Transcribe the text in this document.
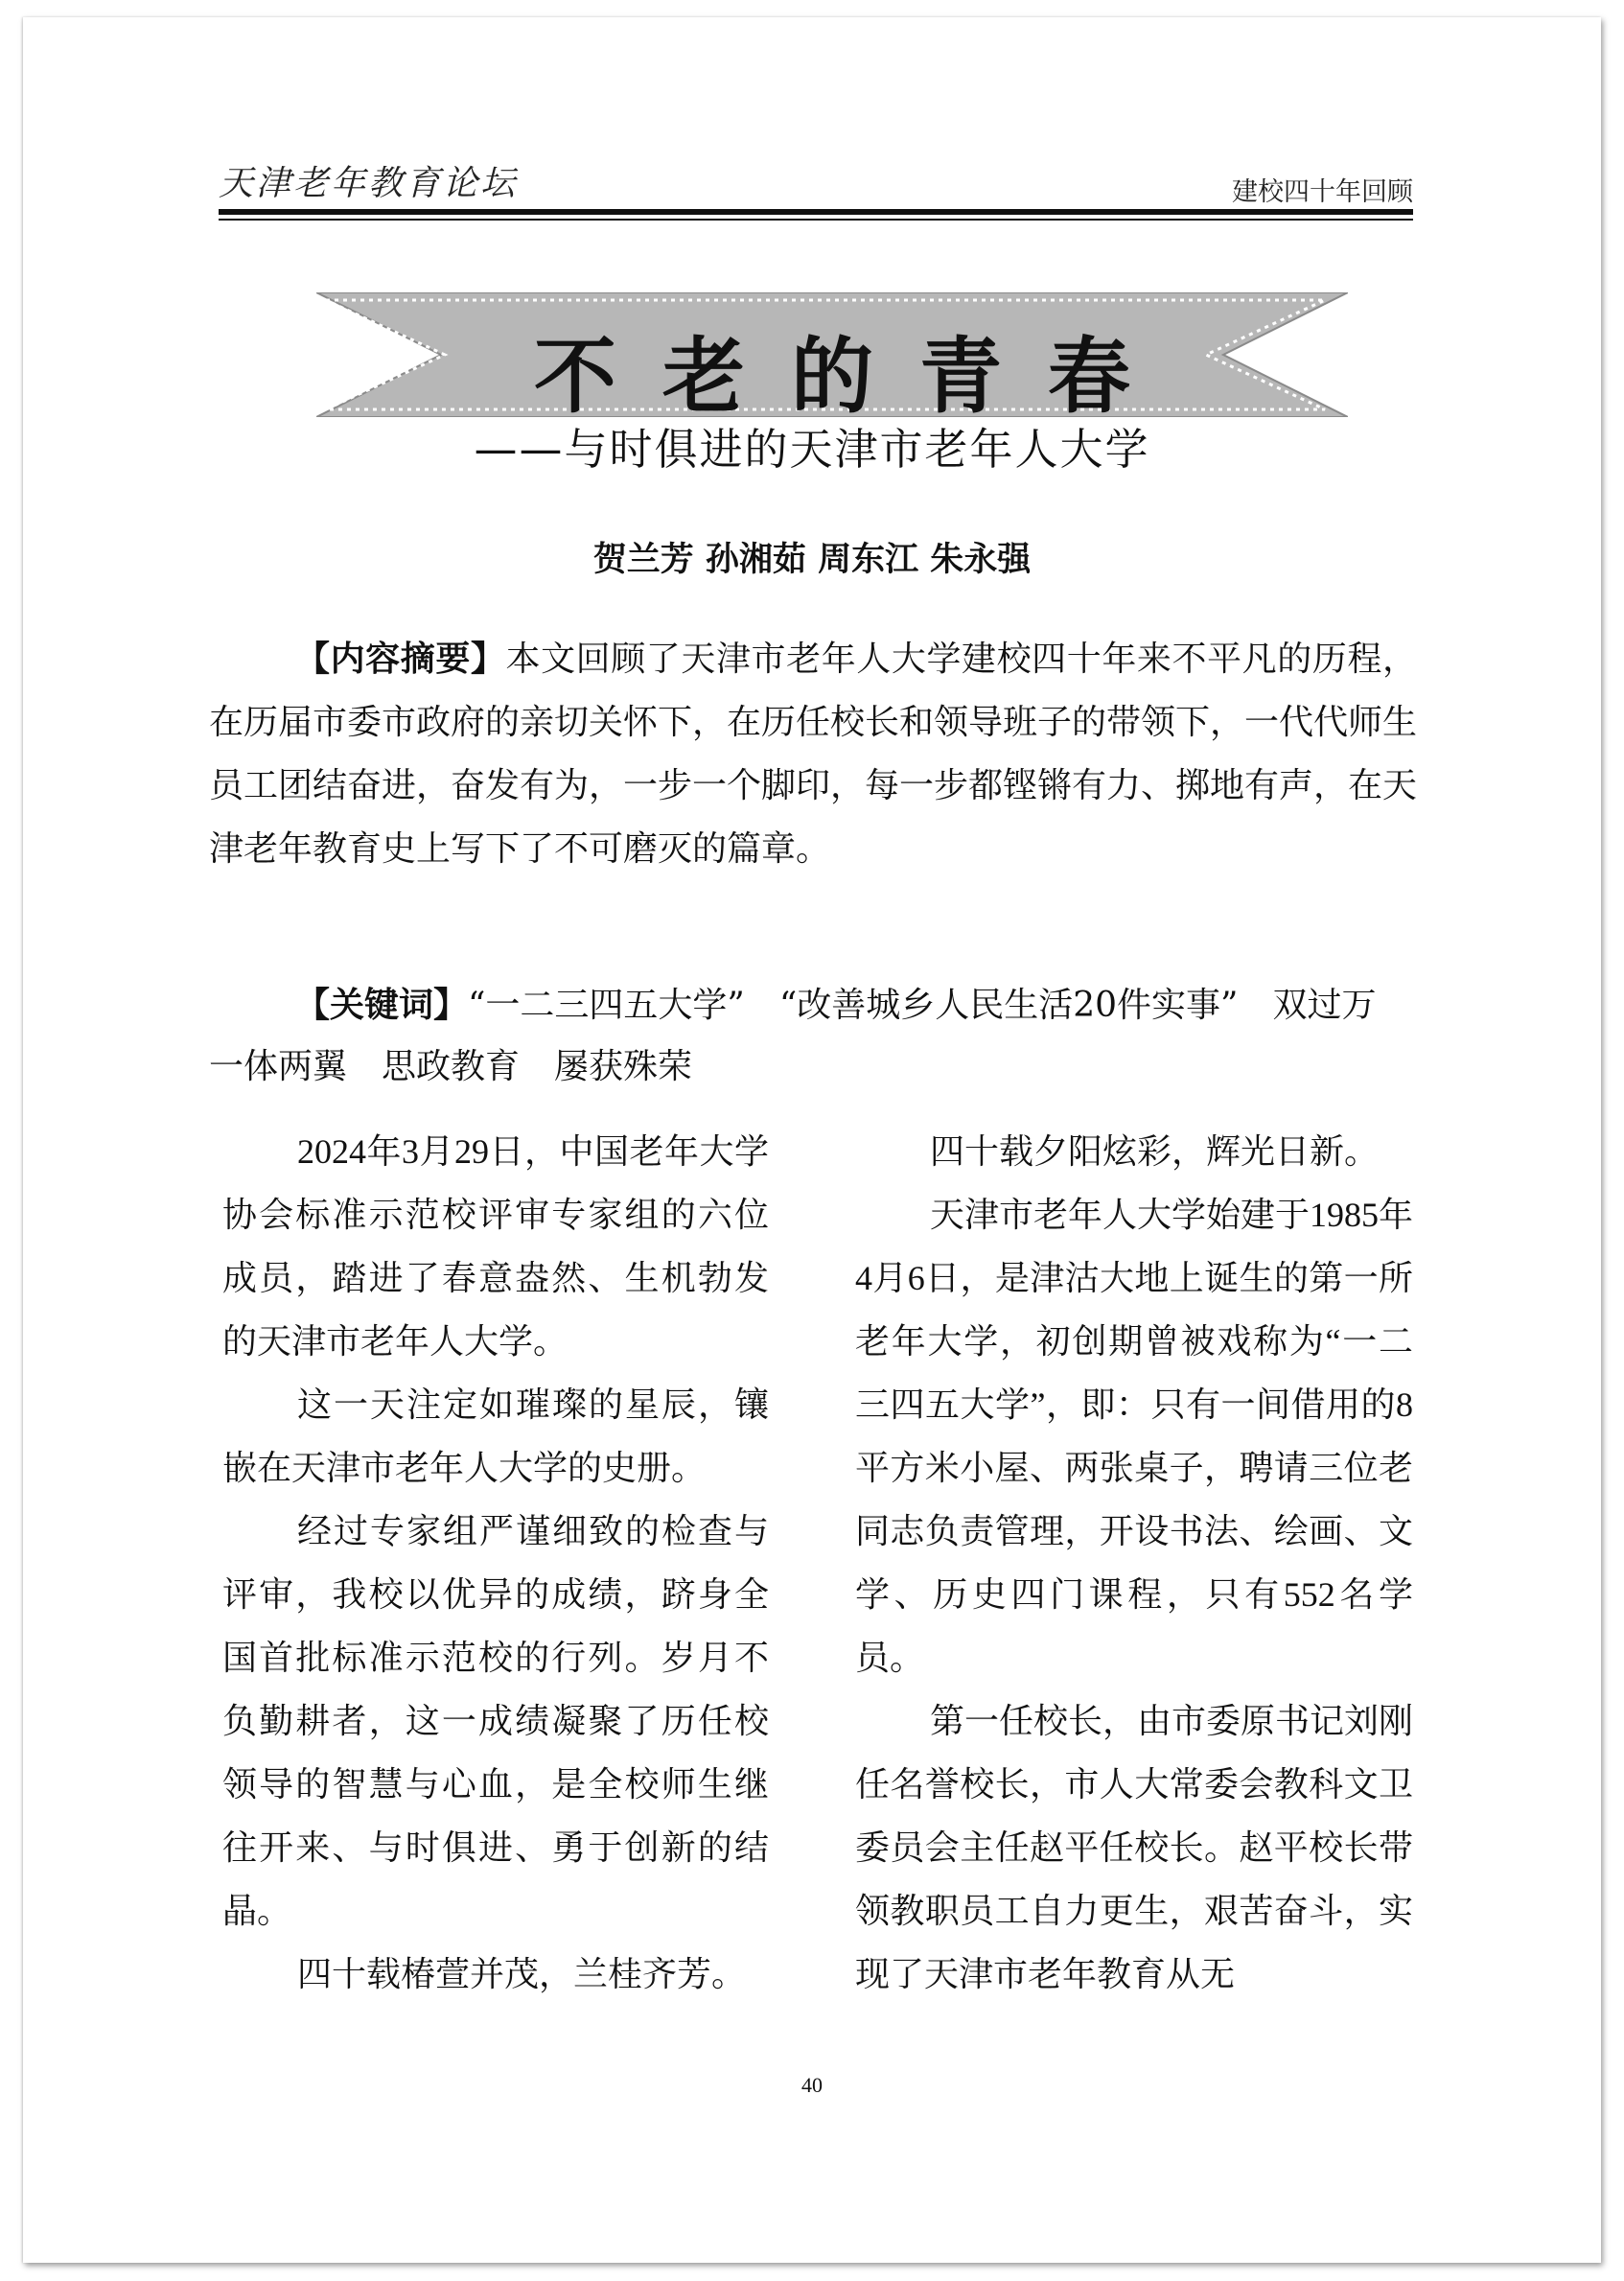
天津老年教育论坛	建校四十年回顾
不老的青春
——与时俱进的天津市老年人大学
贺兰芳 孙湘茹 周东江 朱永强

【内容摘要】本文回顾了天津市老年人大学建校四十年来不平凡的历程，在历届市委市政府的亲切关怀下，在历任校长和领导班子的带领下，一代代师生员工团结奋进，奋发有为，一步一个脚印，每一步都铿锵有力、掷地有声，在天津老年教育史上写下了不可磨灭的篇章。

【关键词】“一二三四五大学”　“改善城乡人民生活20件实事”　双过万　一体两翼　思政教育　屡获殊荣

2024年3月29日，中国老年大学协会标准示范校评审专家组的六位成员，踏进了春意盎然、生机勃发的天津市老年人大学。

这一天注定如璀璨的星辰，镶嵌在天津市老年人大学的史册。

经过专家组严谨细致的检查与评审，我校以优异的成绩，跻身全国首批标准示范校的行列。岁月不负勤耕者，这一成绩凝聚了历任校领导的智慧与心血，是全校师生继往开来、与时俱进、勇于创新的结晶。

四十载椿萱并茂，兰桂齐芳。

四十载夕阳炫彩，辉光日新。

天津市老年人大学始建于1985年4月6日，是津沽大地上诞生的第一所老年大学，初创期曾被戏称为“一二三四五大学”，即：只有一间借用的8平方米小屋、两张桌子，聘请三位老同志负责管理，开设书法、绘画、文学、历史四门课程，只有552名学员。

第一任校长，由市委原书记刘刚任名誉校长，市人大常委会教科文卫委员会主任赵平任校长。赵平校长带领教职员工自力更生，艰苦奋斗，实现了天津市老年教育从无

40
